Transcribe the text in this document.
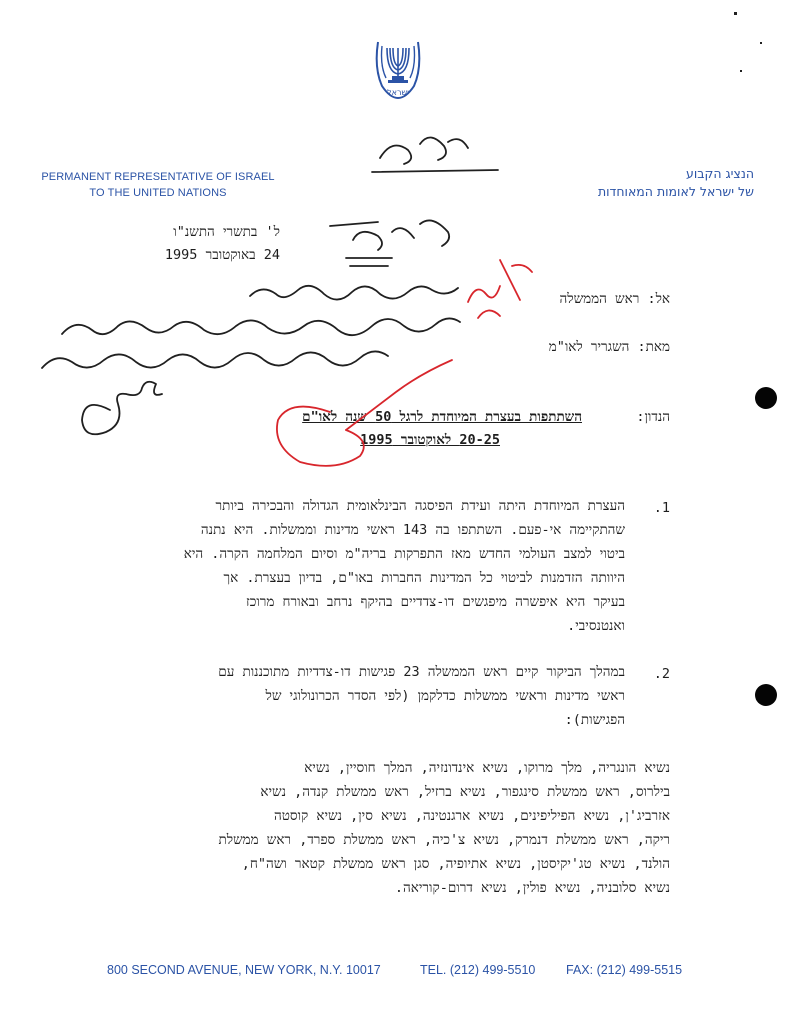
ישראל
PERMANENT REPRESENTATIVE OF ISRAEL
TO THE UNITED NATIONS
הנציג הקבוע
של ישראל לאומות המאוחדות
ל' בתשרי התשנ"ו
24 באוקטובר 1995
אל: ראש הממשלה
מאת: השגריר לאו"מ
הנדון:
השתתפות בעצרת המיוחדת לרגל 50 שנה לאו"ם
20-25 לאוקטובר 1995
.1
העצרת המיוחדת היתה ועידת הפיסגה הבינלאומית הגדולה והבכירה ביותר
שהתקיימה אי-פעם. השתתפו בה 143 ראשי מדינות וממשלות. היא נתנה
ביטוי למצב העולמי החדש מאז התפרקות בריה"מ וסיום המלחמה הקרה. היא
היוותה הזדמנות לביטוי כל המדינות החברות באו"ם, בדיון בעצרת. אך
בעיקר היא איפשרה מיפגשים דו-צדדיים בהיקף נרחב ובאורח מרוכז
ואנטנסיבי.
.2
במהלך הביקור קיים ראש הממשלה 23 פגישות דו-צדדיות מתוכננות עם
ראשי מדינות וראשי ממשלות כדלקמן (לפי הסדר הכרונולוגי של
הפגישות):
נשיא הונגריה, מלך מרוקו, נשיא אינדונזיה, המלך חוסיין, נשיא
בילרוס, ראש ממשלת סינגפור, נשיא ברזיל, ראש ממשלת קנדה, נשיא
אזרביג'ן, נשיא הפיליפינים, נשיא ארגנטינה, נשיא סין, נשיא קוסטה
ריקה, ראש ממשלת דנמרק, נשיא צ'כיה, ראש ממשלת ספרד, ראש ממשלת
הולנד, נשיא טג'יקיסטן, נשיא אתיופיה, סגן ראש ממשלת קטאר ושה"ח,
נשיא סלובניה, נשיא פולין, נשיא דרום-קוריאה.
800 SECOND AVENUE, NEW YORK, N.Y. 10017	TEL. (212) 499-5510 FAX: (212) 499-5515
